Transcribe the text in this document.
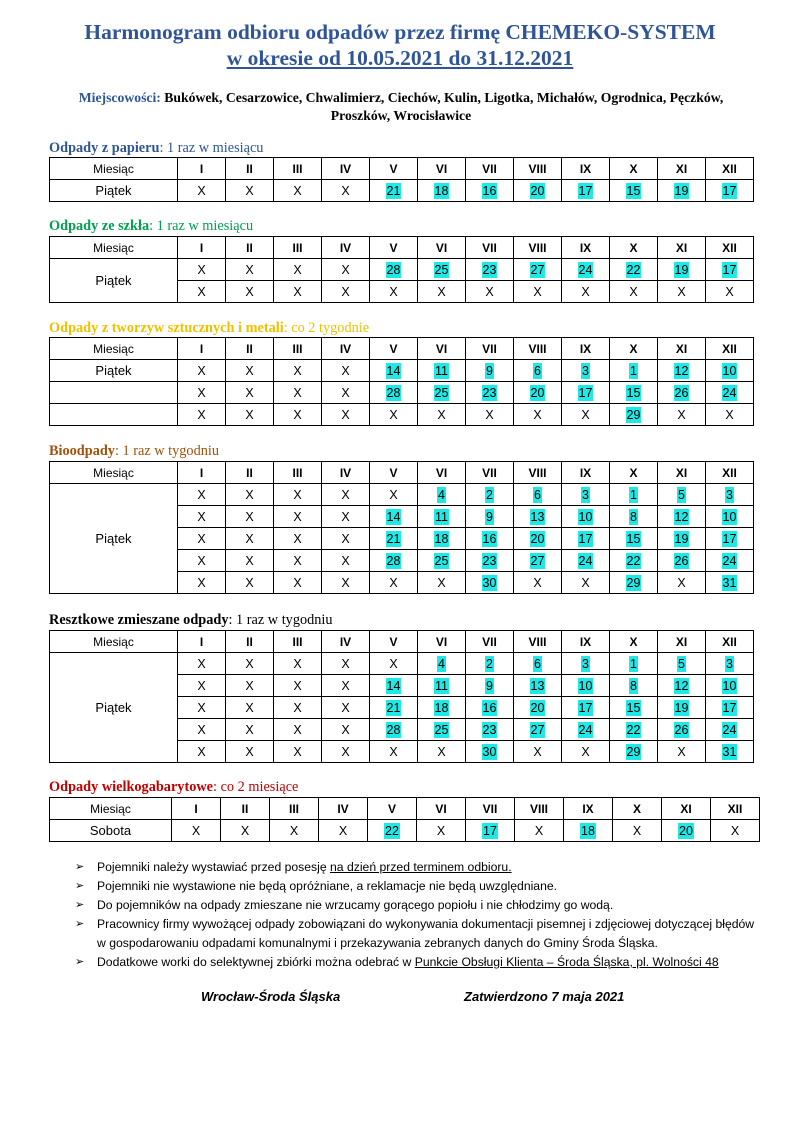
Harmonogram odbioru odpadów przez firmę CHEMEKO-SYSTEM
w okresie od 10.05.2021 do 31.12.2021
Miejscowości: Bukówek, Cesarzowice, Chwalimierz, Ciechów, Kulin, Ligotka, Michałów, Ogrodnica, Pęczków, Proszków, Wrocisławice
Odpady z papieru: 1 raz w miesiącu
Miesiąc	I	II	III	IV	V	VI	VII	VIII	IX	X	XI	XII
Piątek	X	X	X	X	21	18	16	20	17	15	19	17
Odpady ze szkła: 1 raz w miesiącu
Miesiąc	I	II	III	IV	V	VI	VII	VIII	IX	X	XI	XII
Piątek	X	X	X	X	28	25	23	27	24	22	19	17
	X	X	X	X	X	X	X	X	X	X	X	X
Odpady z tworzyw sztucznych i metali: co 2 tygodnie
Miesiąc	I	II	III	IV	V	VI	VII	VIII	IX	X	XI	XII
Piątek	X	X	X	X	14	11	9	6	3	1	12	10
	X	X	X	X	28	25	23	20	17	15	26	24
	X	X	X	X	X	X	X	X	X	29	X	X
Bioodpady: 1 raz w tygodniu
Miesiąc	I	II	III	IV	V	VI	VII	VIII	IX	X	XI	XII
Piątek	X	X	X	X	X	4	2	6	3	1	5	3
	X	X	X	X	14	11	9	13	10	8	12	10
	X	X	X	X	21	18	16	20	17	15	19	17
	X	X	X	X	28	25	23	27	24	22	26	24
	X	X	X	X	X	X	30	X	X	29	X	31
Resztkowe zmieszane odpady: 1 raz w tygodniu
Miesiąc	I	II	III	IV	V	VI	VII	VIII	IX	X	XI	XII
Piątek	X	X	X	X	X	4	2	6	3	1	5	3
	X	X	X	X	14	11	9	13	10	8	12	10
	X	X	X	X	21	18	16	20	17	15	19	17
	X	X	X	X	28	25	23	27	24	22	26	24
	X	X	X	X	X	X	30	X	X	29	X	31
Odpady wielkogabarytowe: co 2 miesiące
Miesiąc	I	II	III	IV	V	VI	VII	VIII	IX	X	XI	XII
Sobota	X	X	X	X	22	X	17	X	18	X	20	X
➢ Pojemniki należy wystawiać przed posesję na dzień przed terminem odbioru.
➢ Pojemniki nie wystawione nie będą opróżniane, a reklamacje nie będą uwzględniane.
➢ Do pojemników na odpady zmieszane nie wrzucamy gorącego popiołu i nie chłodzimy go wodą.
➢ Pracownicy firmy wywożącej odpady zobowiązani do wykonywania dokumentacji pisemnej i zdjęciowej dotyczącej błędów w gospodarowaniu odpadami komunalnymi i przekazywania zebranych danych do Gminy Środa Śląska.
➢ Dodatkowe worki do selektywnej zbiórki można odebrać w Punkcie Obsługi Klienta – Środa Śląska, pl. Wolności 48
Wrocław-Środa Śląska	Zatwierdzono 7 maja 2021
